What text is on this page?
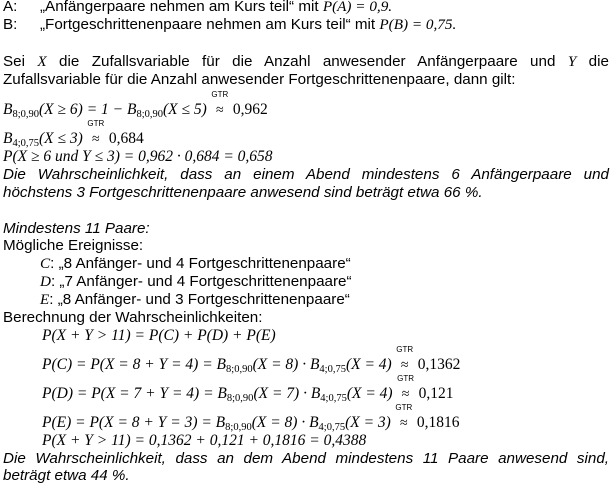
A: „Anfängerpaare nehmen am Kurs teil“ mit P(A) = 0,9.
B: „Fortgeschrittenenpaare nehmen am Kurs teil“ mit P(B) = 0,75.
Sei X die Zufallsvariable für die Anzahl anwesender Anfängerpaare und Y die
Zufallsvariable für die Anzahl anwesender Fortgeschrittenenpaare, dann gilt:
$B_{8;0,90}(X \ge 6) = 1 - B_{8;0,90}(X \le 5)$
GTR
≈ 0,962
$B_{4;0,75}(X \le 3)$
GTR
≈ 0,684
P(X ≥ 6 und Y ≤ 3) = 0,962 · 0,684 = 0,658
Die Wahrscheinlichkeit, dass an einem Abend mindestens 6 Anfängerpaare und
höchstens 3 Fortgeschrittenenpaare anwesend sind beträgt etwa 66 %.
Mindestens 11 Paare:
Mögliche Ereignisse:
C: „8 Anfänger- und 4 Fortgeschrittenenpaare“
D: „7 Anfänger- und 4 Fortgeschrittenenpaare“
E: „8 Anfänger- und 3 Fortgeschrittenenpaare“
Berechnung der Wahrscheinlichkeiten:
P(X + Y > 11) = P(C) + P(D) + P(E)
$P(C) = P(X = 8 + Y = 4) = B_{8;0,90}(X = 8) \cdot B_{4;0,75}(X = 4)$
GTR
≈ 0,1362
$P(D) = P(X = 7 + Y = 4) = B_{8;0,90}(X = 7) \cdot B_{4;0,75}(X = 4)$
GTR
≈ 0,121
$P(E) = P(X = 8 + Y = 3) = B_{8;0,90}(X = 8) \cdot B_{4;0,75}(X = 3)$
GTR
≈ 0,1816
P(X + Y > 11) = 0,1362 + 0,121 + 0,1816 = 0,4388
Die Wahrscheinlichkeit, dass an dem Abend mindestens 11 Paare anwesend sind,
beträgt etwa 44 %.
